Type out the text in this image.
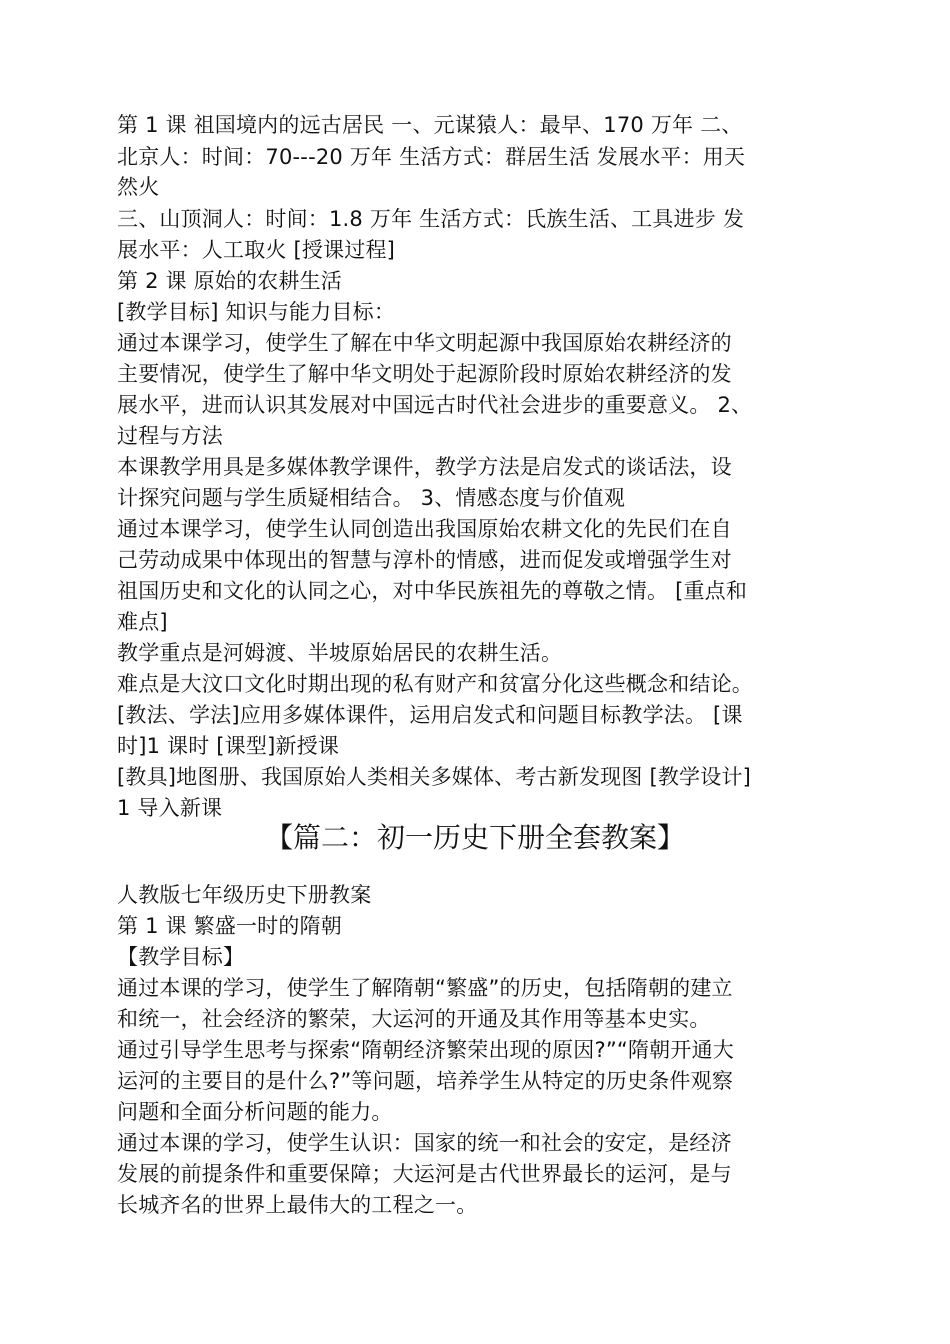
第 1 课 祖国境内的远古居民 一、元谋猿人：最早、170 万年 二、
北京人：时间：70---20 万年 生活方式：群居生活 发展水平：用天
然火
三、山顶洞人：时间：1.8 万年 生活方式：氏族生活、工具进步 发
展水平：人工取火 [授课过程]
第 2 课 原始的农耕生活
[教学目标] 知识与能力目标：
通过本课学习，使学生了解在中华文明起源中我国原始农耕经济的
主要情况，使学生了解中华文明处于起源阶段时原始农耕经济的发
展水平，进而认识其发展对中国远古时代社会进步的重要意义。 2、
过程与方法
本课教学用具是多媒体教学课件，教学方法是启发式的谈话法，设
计探究问题与学生质疑相结合。 3、情感态度与价值观
通过本课学习，使学生认同创造出我国原始农耕文化的先民们在自
己劳动成果中体现出的智慧与淳朴的情感，进而促发或增强学生对
祖国历史和文化的认同之心，对中华民族祖先的尊敬之情。 [重点和
难点]
教学重点是河姆渡、半坡原始居民的农耕生活。
难点是大汶口文化时期出现的私有财产和贫富分化这些概念和结论。
[教法、学法]应用多媒体课件，运用启发式和问题目标教学法。 [课
时]1 课时 [课型]新授课
[教具]地图册、我国原始人类相关多媒体、考古新发现图 [教学设计]
1 导入新课
【篇二：初一历史下册全套教案】
人教版七年级历史下册教案
第 1 课 繁盛一时的隋朝
【教学目标】
通过本课的学习，使学生了解隋朝“繁盛”的历史，包括隋朝的建立
和统一，社会经济的繁荣，大运河的开通及其作用等基本史实。
通过引导学生思考与探索“隋朝经济繁荣出现的原因?”“隋朝开通大
运河的主要目的是什么?”等问题，培养学生从特定的历史条件观察
问题和全面分析问题的能力。
通过本课的学习，使学生认识：国家的统一和社会的安定，是经济
发展的前提条件和重要保障；大运河是古代世界最长的运河，是与
长城齐名的世界上最伟大的工程之一。
